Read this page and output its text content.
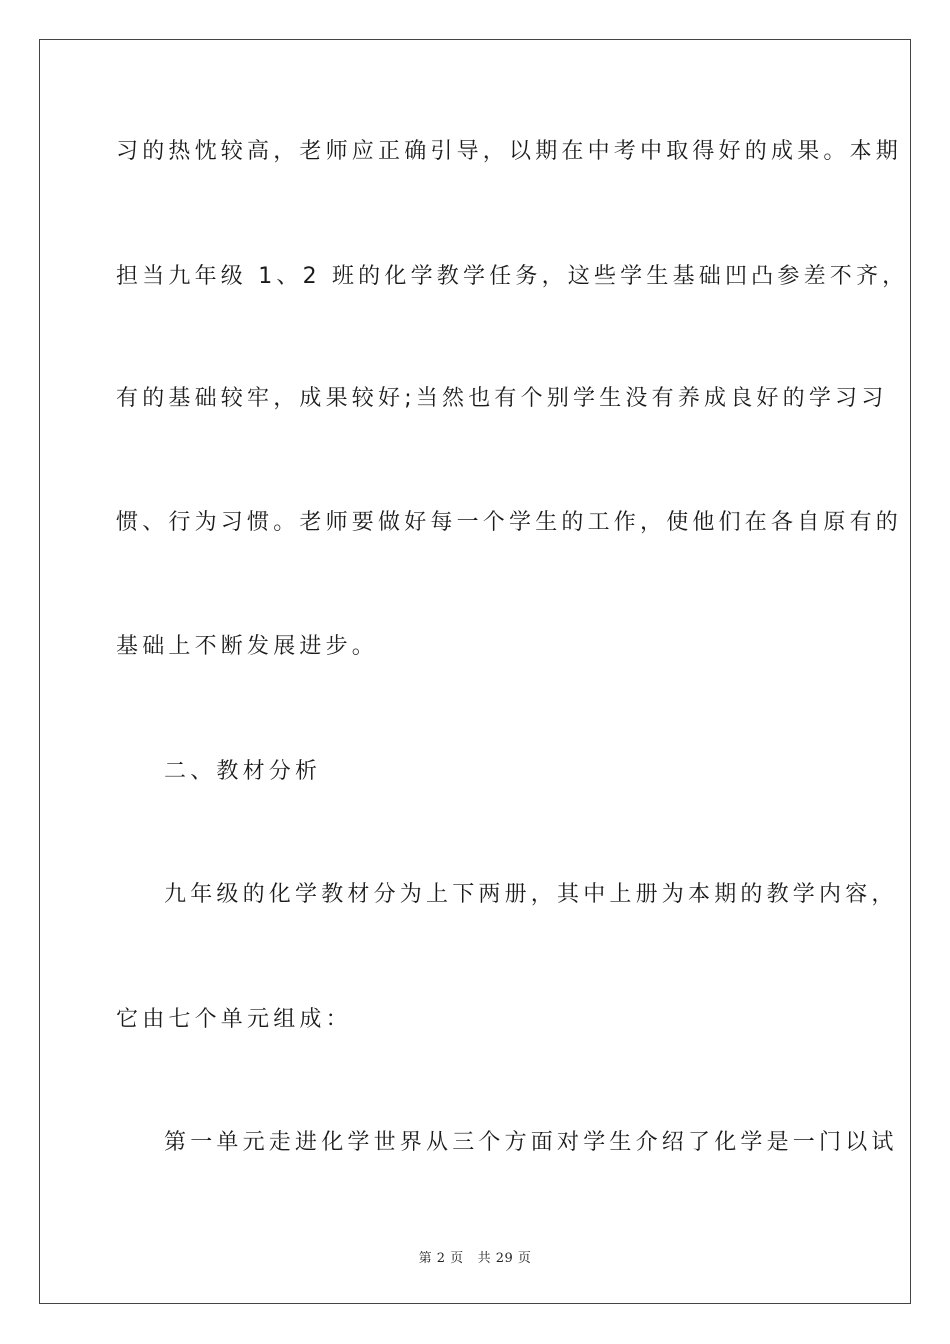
习的热忱较高，老师应正确引导，以期在中考中取得好的成果。本期
担当九年级 1、2 班的化学教学任务，这些学生基础凹凸参差不齐，
有的基础较牢，成果较好;当然也有个别学生没有养成良好的学习习
惯、行为习惯。老师要做好每一个学生的工作，使他们在各自原有的
基础上不断发展进步。
二、教材分析
九年级的化学教材分为上下两册，其中上册为本期的教学内容，
它由七个单元组成：
第一单元走进化学世界从三个方面对学生介绍了化学是一门以试
第 2 页 共 29 页
